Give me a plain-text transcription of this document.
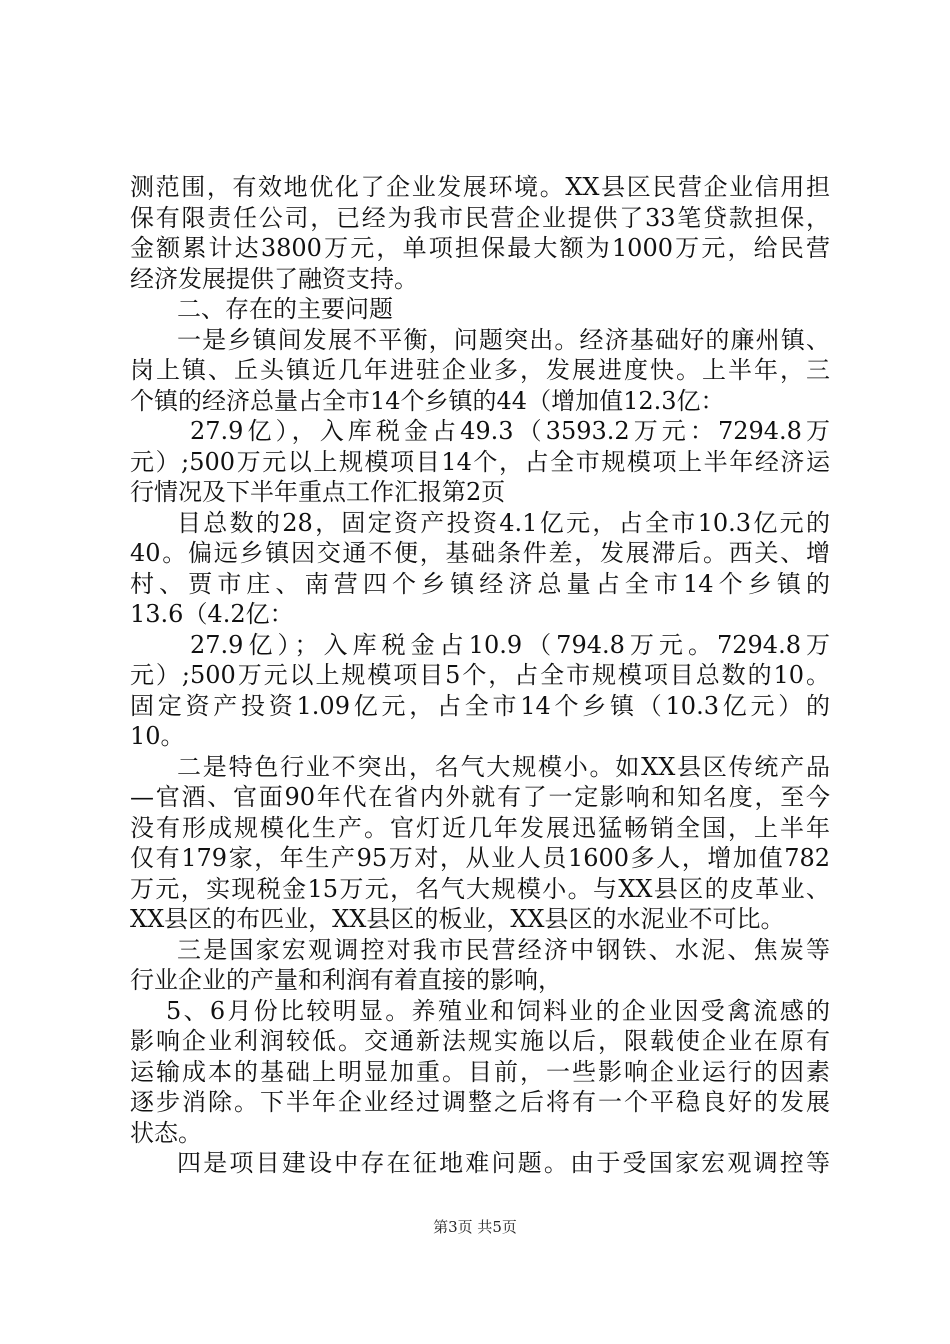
测范围，有效地优化了企业发展环境。XX县区民营企业信用担
保有限责任公司，已经为我市民营企业提供了33笔贷款担保，
金额累计达3800万元，单项担保最大额为1000万元，给民营
经济发展提供了融资支持。
二、存在的主要问题
一是乡镇间发展不平衡，问题突出。经济基础好的廉州镇、
岗上镇、丘头镇近几年进驻企业多，发展进度快。上半年，三
个镇的经济总量占全市14个乡镇的44（增加值12.3亿：
27.9亿），入库税金占49.3（3593.2万元：7294.8万
元）;500万元以上规模项目14个，占全市规模项上半年经济运
行情况及下半年重点工作汇报第2页
目总数的28，固定资产投资4.1亿元，占全市10.3亿元的
40。偏远乡镇因交通不便，基础条件差，发展滞后。西关、增
村、贾市庄、南营四个乡镇经济总量占全市14个乡镇的
13.6（4.2亿：
27.9亿）；入库税金占10.9（794.8万元。7294.8万
元）;500万元以上规模项目5个，占全市规模项目总数的10。
固定资产投资1.09亿元，占全市14个乡镇（10.3亿元）的
10。
二是特色行业不突出，名气大规模小。如XX县区传统产品
—官酒、官面90年代在省内外就有了一定影响和知名度，至今
没有形成规模化生产。官灯近几年发展迅猛畅销全国，上半年
仅有179家，年生产95万对，从业人员1600多人，增加值782
万元，实现税金15万元，名气大规模小。与XX县区的皮革业、
XX县区的布匹业，XX县区的板业，XX县区的水泥业不可比。
三是国家宏观调控对我市民营经济中钢铁、水泥、焦炭等
行业企业的产量和利润有着直接的影响，
5、6月份比较明显。养殖业和饲料业的企业因受禽流感的
影响企业利润较低。交通新法规实施以后，限载使企业在原有
运输成本的基础上明显加重。目前，一些影响企业运行的因素
逐步消除。下半年企业经过调整之后将有一个平稳良好的发展
状态。
四是项目建设中存在征地难问题。由于受国家宏观调控等
第3页 共5页
